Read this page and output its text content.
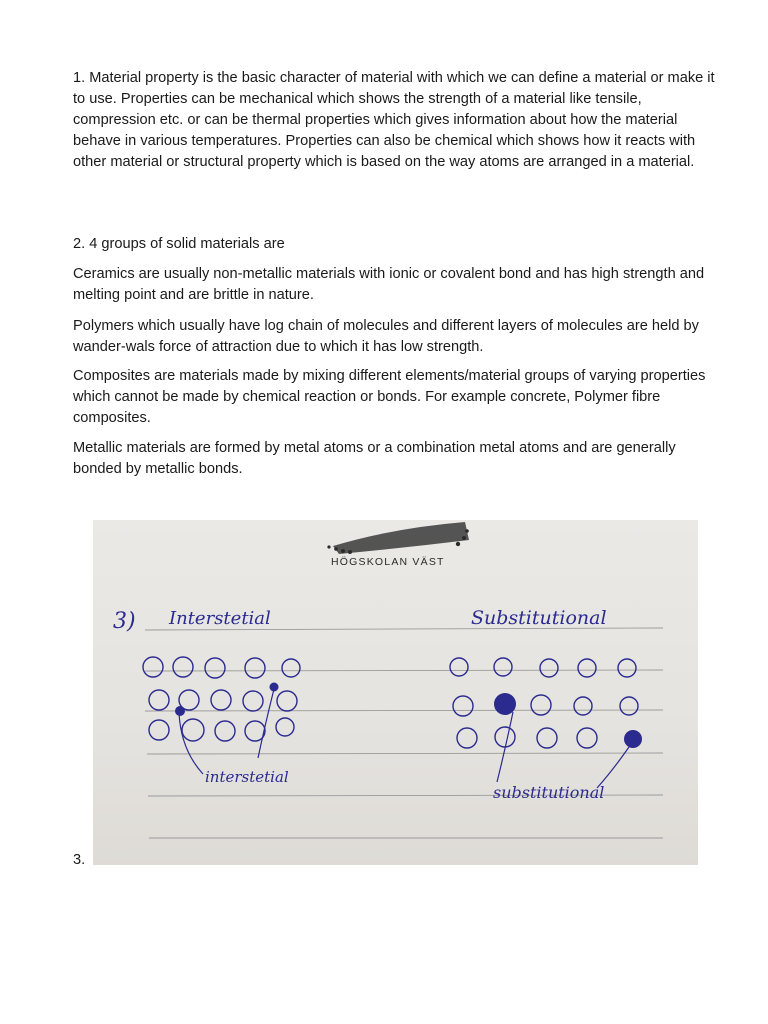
1. Material property is the basic character of material with which we can define a material or make it to use. Properties can be mechanical which shows the strength of a material like tensile, compression etc. or can be thermal properties which gives information about how the material behave in various temperatures. Properties can also be chemical which shows how it reacts with other material or structural property which is based on the way atoms are arranged in a material.

2. 4 groups of solid materials are

Ceramics are usually non-metallic materials with ionic or covalent bond and has high strength and melting point and are brittle in nature.

Polymers which usually have log chain of molecules and different layers of molecules are held by wander-wals force of attraction due to which it has low strength.

Composites are materials made by mixing different elements/material groups of varying properties which cannot be made by chemical reaction or bonds. For example concrete, Polymer fibre composites.

Metallic materials are formed by metal atoms or a combination metal atoms and are generally bonded by metallic bonds.

HÖGSKOLAN VÄST
3) Interstetial	Substitutional
interstetial
substitutional
3.
